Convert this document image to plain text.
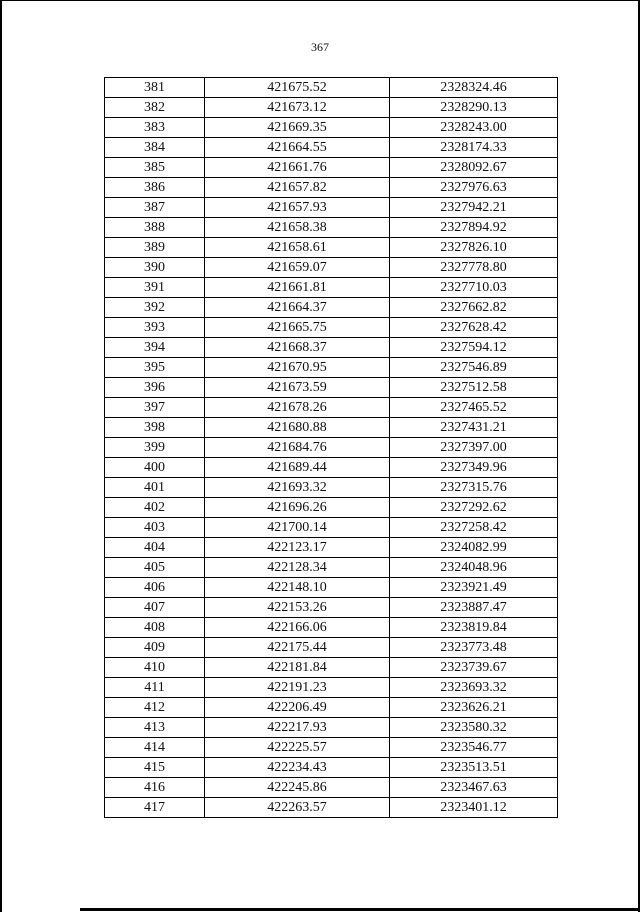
367
381	421675.52	2328324.46
382	421673.12	2328290.13
383	421669.35	2328243.00
384	421664.55	2328174.33
385	421661.76	2328092.67
386	421657.82	2327976.63
387	421657.93	2327942.21
388	421658.38	2327894.92
389	421658.61	2327826.10
390	421659.07	2327778.80
391	421661.81	2327710.03
392	421664.37	2327662.82
393	421665.75	2327628.42
394	421668.37	2327594.12
395	421670.95	2327546.89
396	421673.59	2327512.58
397	421678.26	2327465.52
398	421680.88	2327431.21
399	421684.76	2327397.00
400	421689.44	2327349.96
401	421693.32	2327315.76
402	421696.26	2327292.62
403	421700.14	2327258.42
404	422123.17	2324082.99
405	422128.34	2324048.96
406	422148.10	2323921.49
407	422153.26	2323887.47
408	422166.06	2323819.84
409	422175.44	2323773.48
410	422181.84	2323739.67
411	422191.23	2323693.32
412	422206.49	2323626.21
413	422217.93	2323580.32
414	422225.57	2323546.77
415	422234.43	2323513.51
416	422245.86	2323467.63
417	422263.57	2323401.12
